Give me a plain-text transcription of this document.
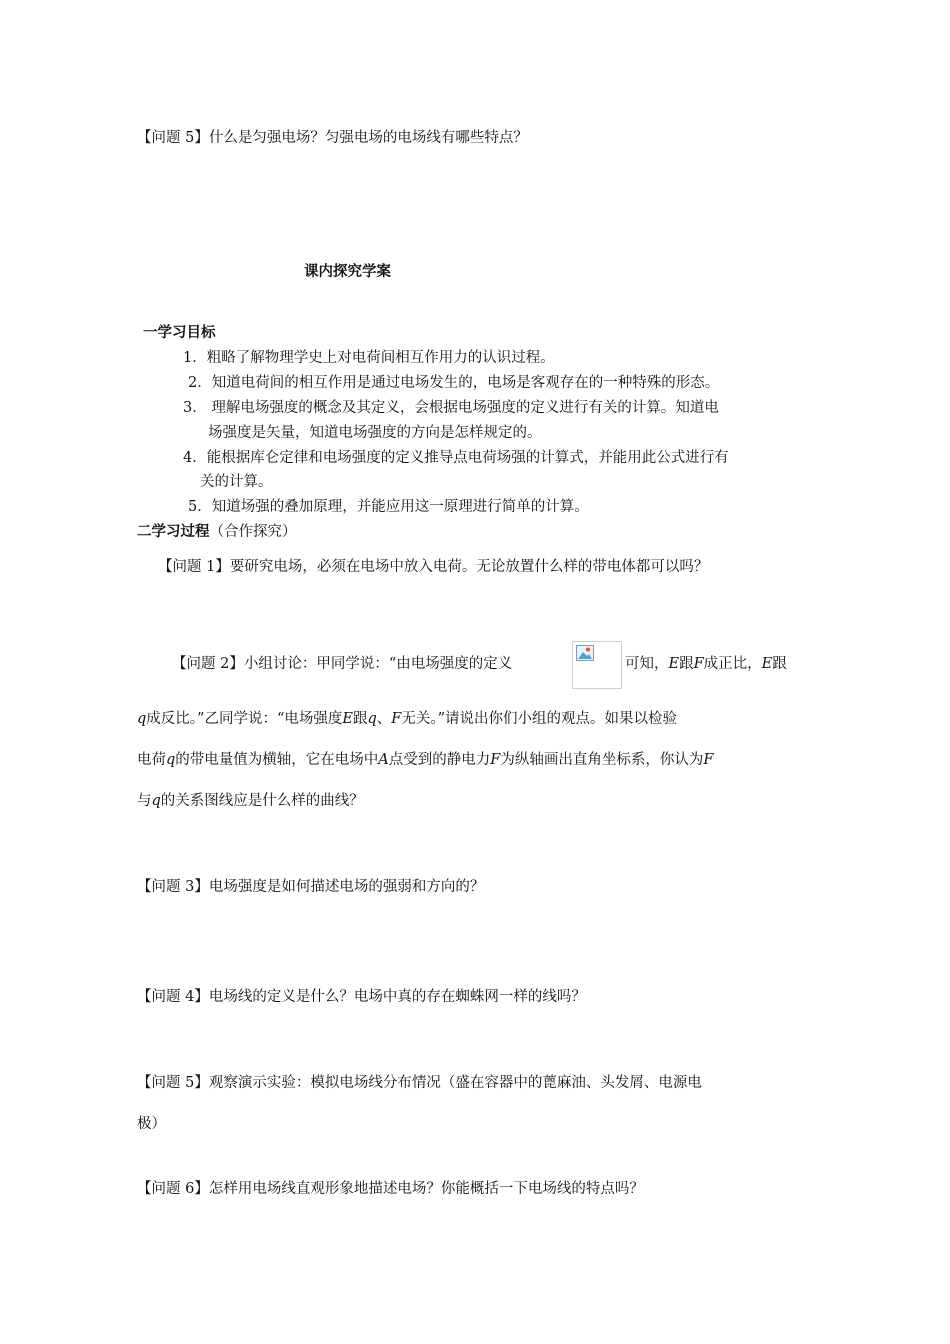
【问题 5】什么是匀强电场？匀强电场的电场线有哪些特点？
课内探究学案
一学习目标
1．粗略了解物理学史上对电荷间相互作用力的认识过程。
2．知道电荷间的相互作用是通过电场发生的，电场是客观存在的一种特殊的形态。
3． 理解电场强度的概念及其定义，会根据电场强度的定义进行有关的计算。知道电
场强度是矢量，知道电场强度的方向是怎样规定的。
4．能根据库仑定律和电场强度的定义推导点电荷场强的计算式，并能用此公式进行有
关的计算。
5．知道场强的叠加原理，并能应用这一原理进行简单的计算。
二学习过程（合作探究）
【问题 1】要研究电场，必须在电场中放入电荷。无论放置什么样的带电体都可以吗？
【问题 2】小组讨论：甲同学说：“由电场强度的定义	可知，E跟F成正比，E跟
q成反比。”乙同学说：“电场强度E跟q、F无关。”请说出你们小组的观点。如果以检验
电荷q的带电量值为横轴，它在电场中A点受到的静电力F为纵轴画出直角坐标系，你认为F
与q的关系图线应是什么样的曲线？
【问题 3】电场强度是如何描述电场的强弱和方向的？
【问题 4】电场线的定义是什么？电场中真的存在蜘蛛网一样的线吗？
【问题 5】观察演示实验：模拟电场线分布情况（盛在容器中的蓖麻油、头发屑、电源电
极）
【问题 6】怎样用电场线直观形象地描述电场？你能概括一下电场线的特点吗？
